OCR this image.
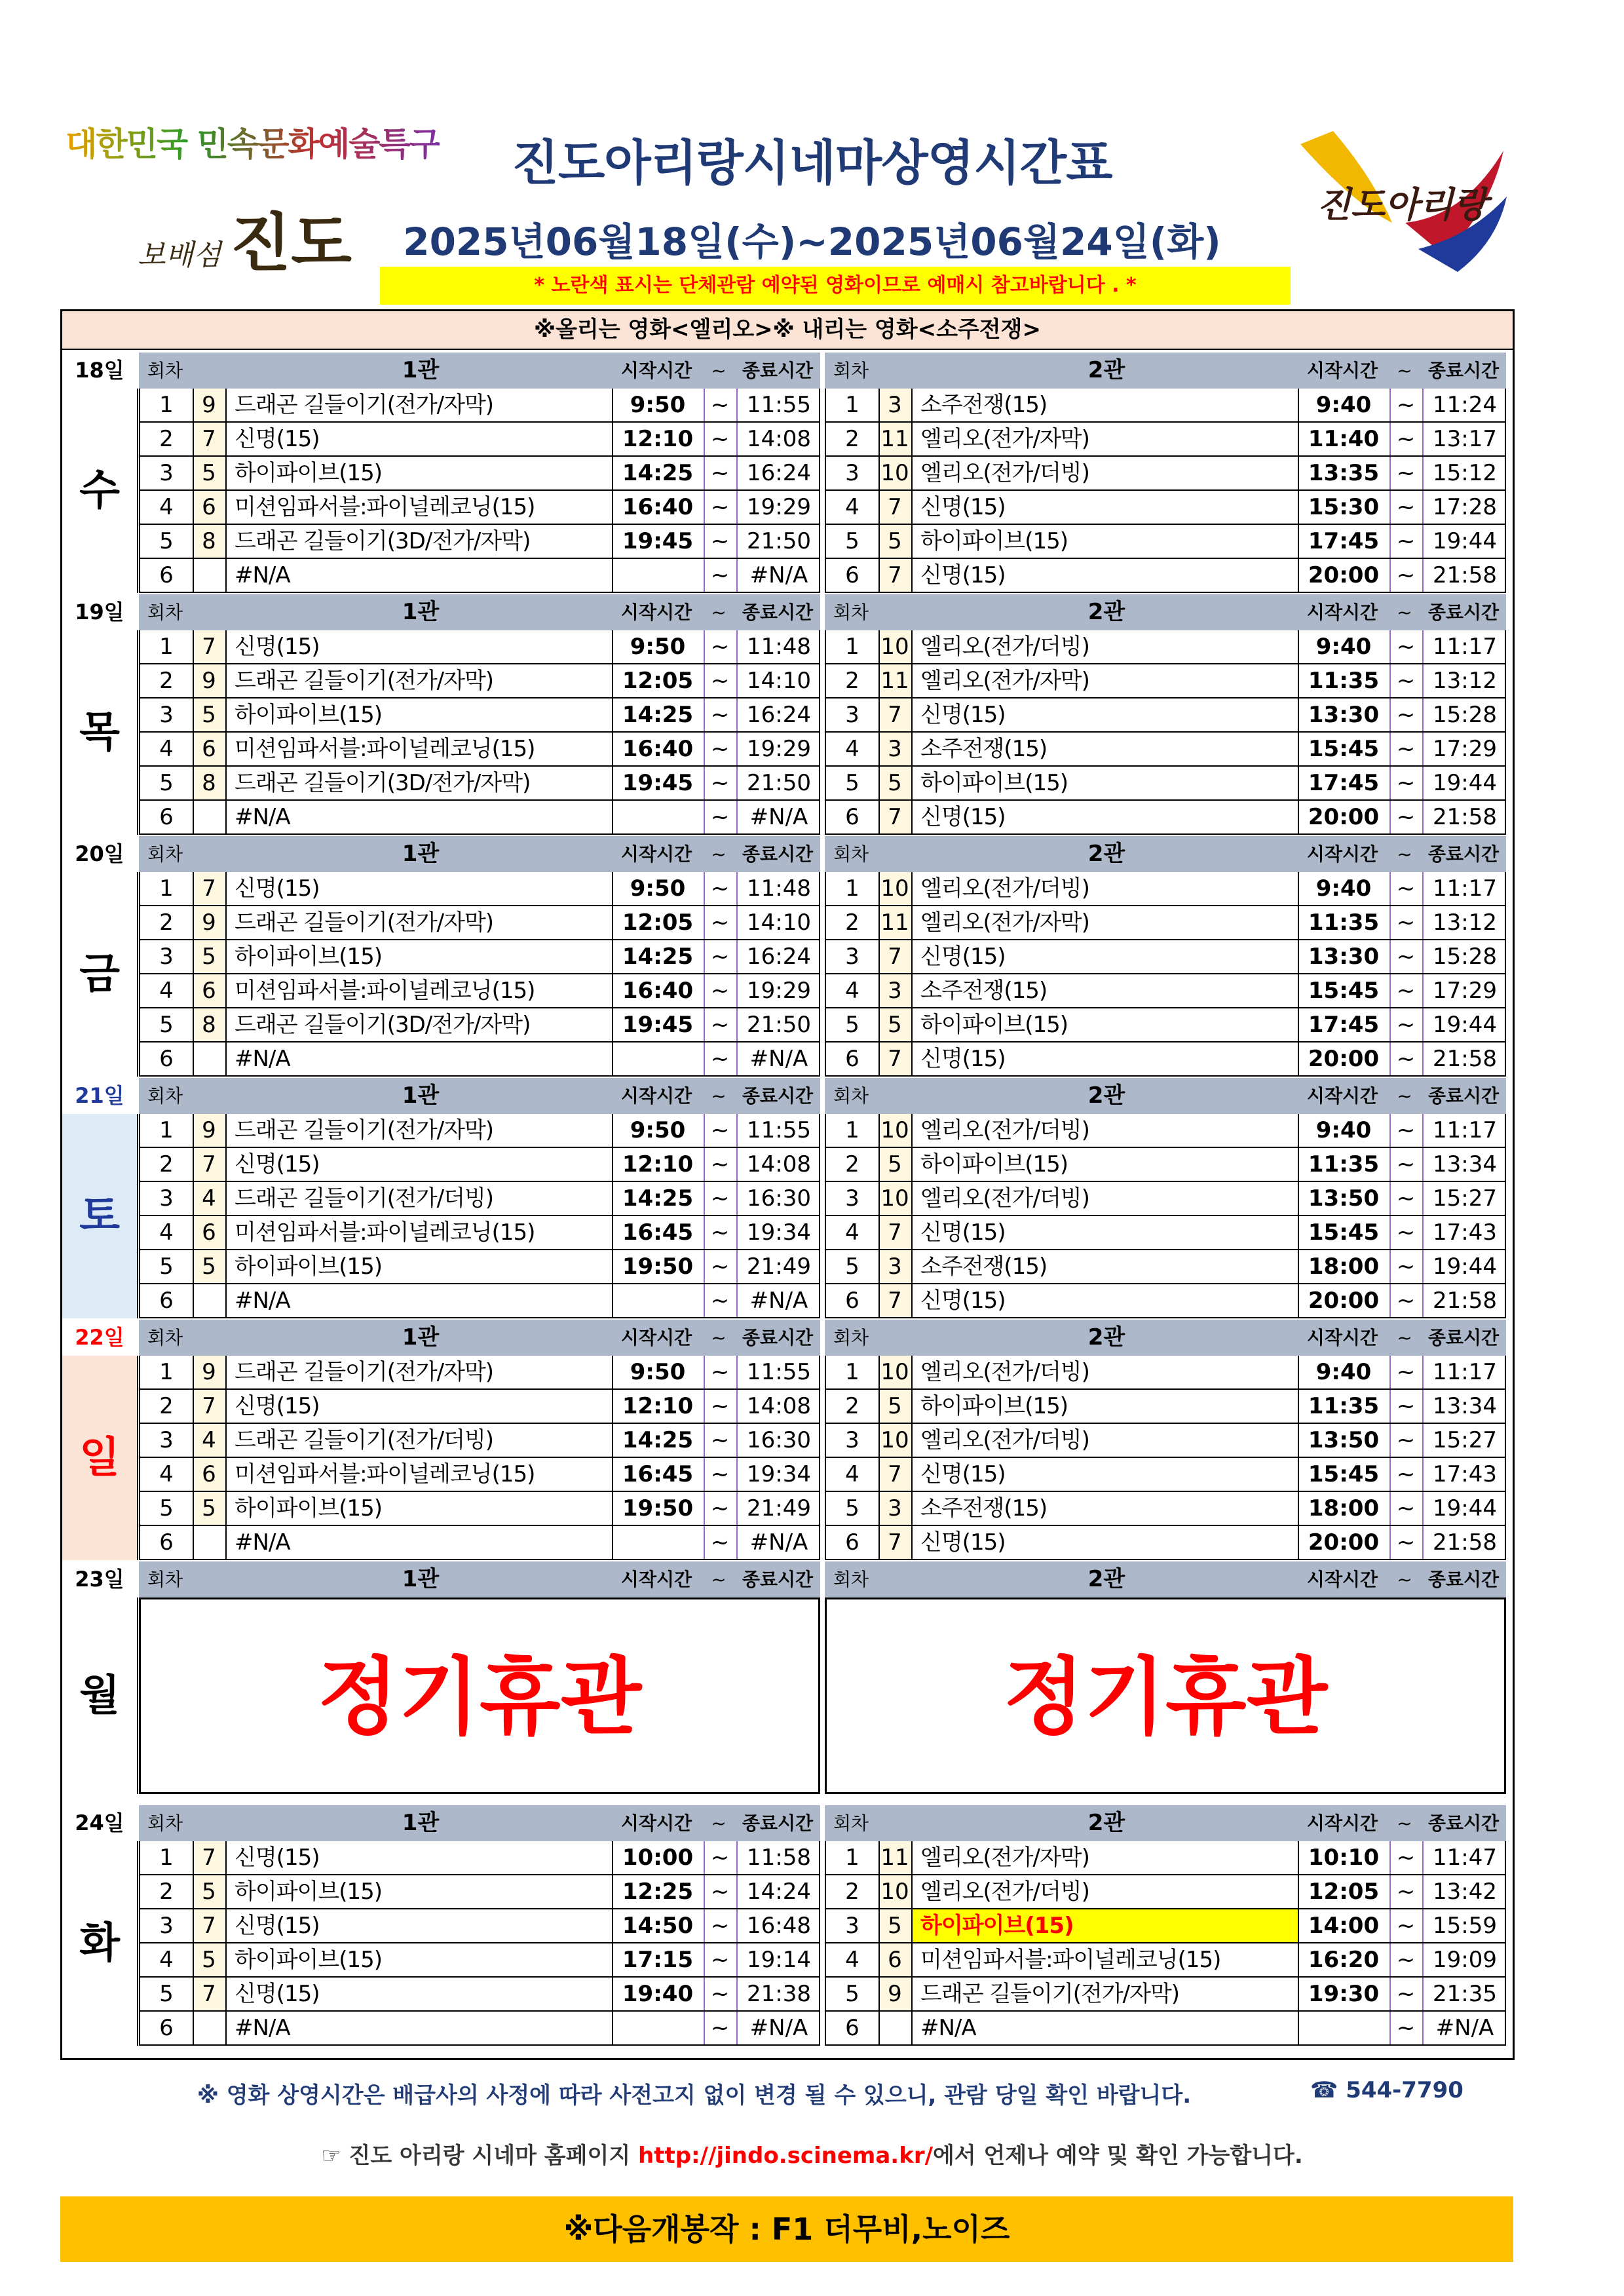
대한민국 민속문화예술특구
보배섬 진도
진도아리랑
진도아리랑시네마상영시간표
2025년06월18일(수)~2025년06월24일(화)
* 노란색 표시는 단체관람 예약된 영화이므로 예매시 참고바랍니다 . *
※올리는 영화<엘리오>※ 내리는 영화<소주전쟁>
18일	회차	1관	시작시간	~ 종료시간	회차	2관	시작시간	~ 종료시간
수
1	9 드래곤 길들이기(전가/자막)	9:50	~ 11:55
2	7 신명(15)	12:10 ~ 14:08
3	5 하이파이브(15)	14:25 ~ 16:24
4	6 미션임파서블:파이널레코닝(15)	16:40 ~ 19:29
5	8 드래곤 길들이기(3D/전가/자막)	19:45 ~ 21:50
6	#N/A	~ #N/A
1	3 소주전쟁(15)	9:40	~ 11:24
2 11 엘리오(전가/자막)	11:40 ~ 13:17
3 10 엘리오(전가/더빙)	13:35 ~ 15:12
4	7 신명(15)	15:30 ~ 17:28
5	5 하이파이브(15)	17:45 ~ 19:44
6	7 신명(15)	20:00 ~ 21:58
19일	회차	1관	시작시간	~ 종료시간	회차	2관	시작시간	~ 종료시간
목
1	7 신명(15)	9:50	~ 11:48
2	9 드래곤 길들이기(전가/자막)	12:05 ~ 14:10
3	5 하이파이브(15)	14:25 ~ 16:24
4	6 미션임파서블:파이널레코닝(15)	16:40 ~ 19:29
5	8 드래곤 길들이기(3D/전가/자막)	19:45 ~ 21:50
6	#N/A	~ #N/A
1 10 엘리오(전가/더빙)	9:40	~ 11:17
2 11 엘리오(전가/자막)	11:35 ~ 13:12
3	7 신명(15)	13:30 ~ 15:28
4	3 소주전쟁(15)	15:45 ~ 17:29
5	5 하이파이브(15)	17:45 ~ 19:44
6	7 신명(15)	20:00 ~ 21:58
20일	회차	1관	시작시간	~ 종료시간	회차	2관	시작시간	~ 종료시간
금
1	7 신명(15)	9:50	~ 11:48
2	9 드래곤 길들이기(전가/자막)	12:05 ~ 14:10
3	5 하이파이브(15)	14:25 ~ 16:24
4	6 미션임파서블:파이널레코닝(15)	16:40 ~ 19:29
5	8 드래곤 길들이기(3D/전가/자막)	19:45 ~ 21:50
6	#N/A	~ #N/A
1 10 엘리오(전가/더빙)	9:40	~ 11:17
2 11 엘리오(전가/자막)	11:35 ~ 13:12
3	7 신명(15)	13:30 ~ 15:28
4	3 소주전쟁(15)	15:45 ~ 17:29
5	5 하이파이브(15)	17:45 ~ 19:44
6	7 신명(15)	20:00 ~ 21:58
21일	회차	1관	시작시간	~ 종료시간	회차	2관	시작시간	~ 종료시간
토
1	9 드래곤 길들이기(전가/자막)	9:50	~ 11:55
2	7 신명(15)	12:10 ~ 14:08
3	4 드래곤 길들이기(전가/더빙)	14:25 ~ 16:30
4	6 미션임파서블:파이널레코닝(15)	16:45 ~ 19:34
5	5 하이파이브(15)	19:50 ~ 21:49
6	#N/A	~ #N/A
1 10 엘리오(전가/더빙)	9:40	~ 11:17
2	5 하이파이브(15)	11:35 ~ 13:34
3 10 엘리오(전가/더빙)	13:50 ~ 15:27
4	7 신명(15)	15:45 ~ 17:43
5	3 소주전쟁(15)	18:00 ~ 19:44
6	7 신명(15)	20:00 ~ 21:58
22일	회차	1관	시작시간	~ 종료시간	회차	2관	시작시간	~ 종료시간
일
1	9 드래곤 길들이기(전가/자막)	9:50	~ 11:55
2	7 신명(15)	12:10 ~ 14:08
3	4 드래곤 길들이기(전가/더빙)	14:25 ~ 16:30
4	6 미션임파서블:파이널레코닝(15)	16:45 ~ 19:34
5	5 하이파이브(15)	19:50 ~ 21:49
6	#N/A	~ #N/A
1 10 엘리오(전가/더빙)	9:40	~ 11:17
2	5 하이파이브(15)	11:35 ~ 13:34
3 10 엘리오(전가/더빙)	13:50 ~ 15:27
4	7 신명(15)	15:45 ~ 17:43
5	3 소주전쟁(15)	18:00 ~ 19:44
6	7 신명(15)	20:00 ~ 21:58
23일	회차	1관	시작시간	~ 종료시간	회차	2관	시작시간	~ 종료시간
월	정기휴관	정기휴관
24일	회차	1관	시작시간	~ 종료시간	회차	2관	시작시간	~ 종료시간
화
1	7 신명(15)	10:00 ~ 11:58
2	5 하이파이브(15)	12:25 ~ 14:24
3	7 신명(15)	14:50 ~ 16:48
4	5 하이파이브(15)	17:15 ~ 19:14
5	7 신명(15)	19:40 ~ 21:38
6	#N/A	~ #N/A
1 11 엘리오(전가/자막)	10:10 ~ 11:47
2 10 엘리오(전가/더빙)	12:05 ~ 13:42
3	5 하이파이브(15)	14:00 ~ 15:59
4	6 미션임파서블:파이널레코닝(15)	16:20 ~ 19:09
5	9 드래곤 길들이기(전가/자막)	19:30 ~ 21:35
6	#N/A	~ #N/A
※ 영화 상영시간은 배급사의 사정에 따라 사전고지 없이 변경 될 수 있으니, 관람 당일 확인 바랍니다.	☎ 544-7790
☞ 진도 아리랑 시네마 홈페이지 http://jindo.scinema.kr/에서 언제나 예약 및 확인 가능합니다.
※다음개봉작 : F1 더무비,노이즈
